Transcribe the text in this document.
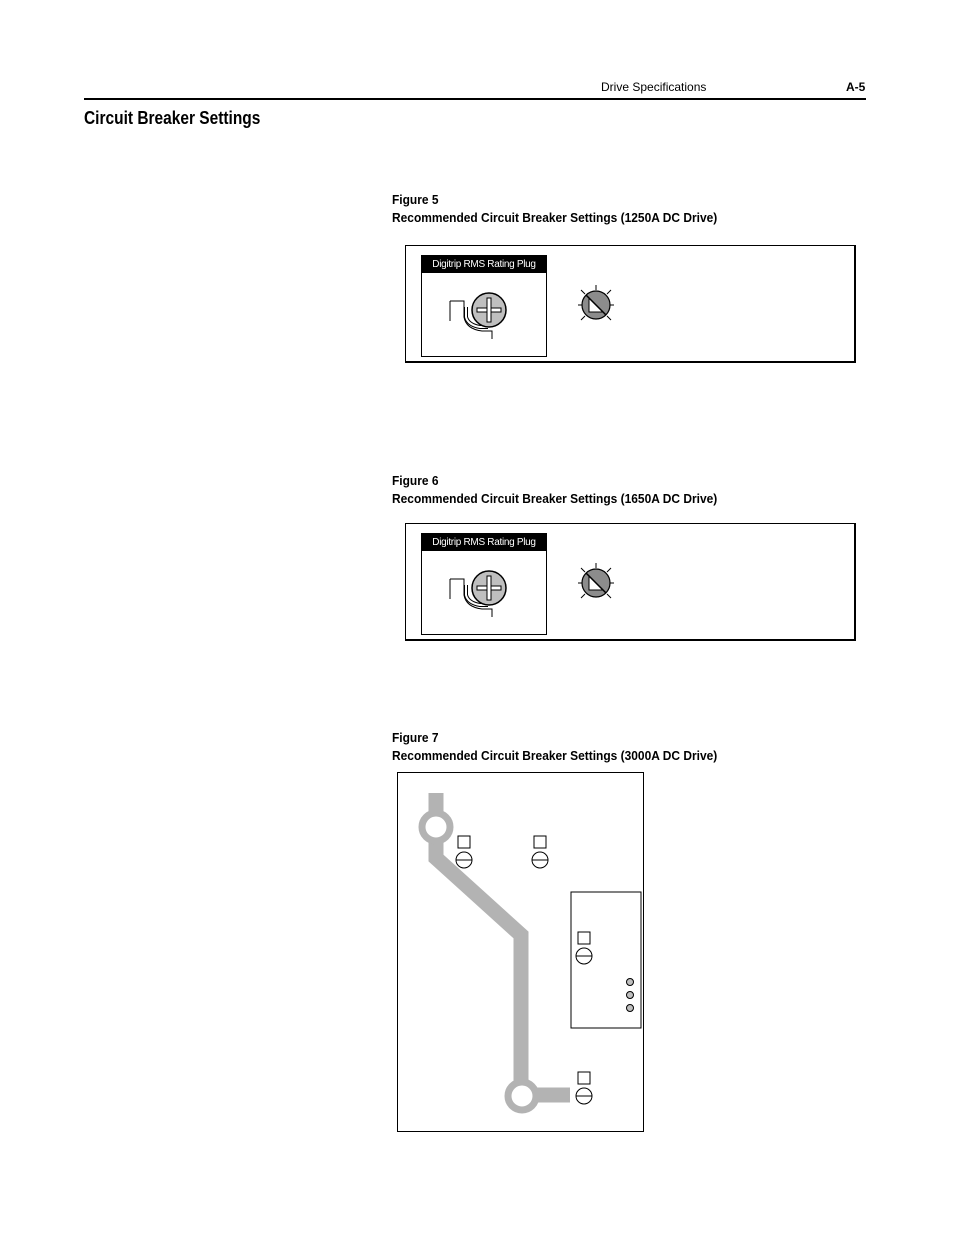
Drive Specifications	A-5
Circuit Breaker Settings
Figure 5
Recommended Circuit Breaker Settings (1250A DC Drive)
Digitrip RMS Rating Plug
Figure 6
Recommended Circuit Breaker Settings (1650A DC Drive)
Digitrip RMS Rating Plug
Figure 7
Recommended Circuit Breaker Settings (3000A DC Drive)
